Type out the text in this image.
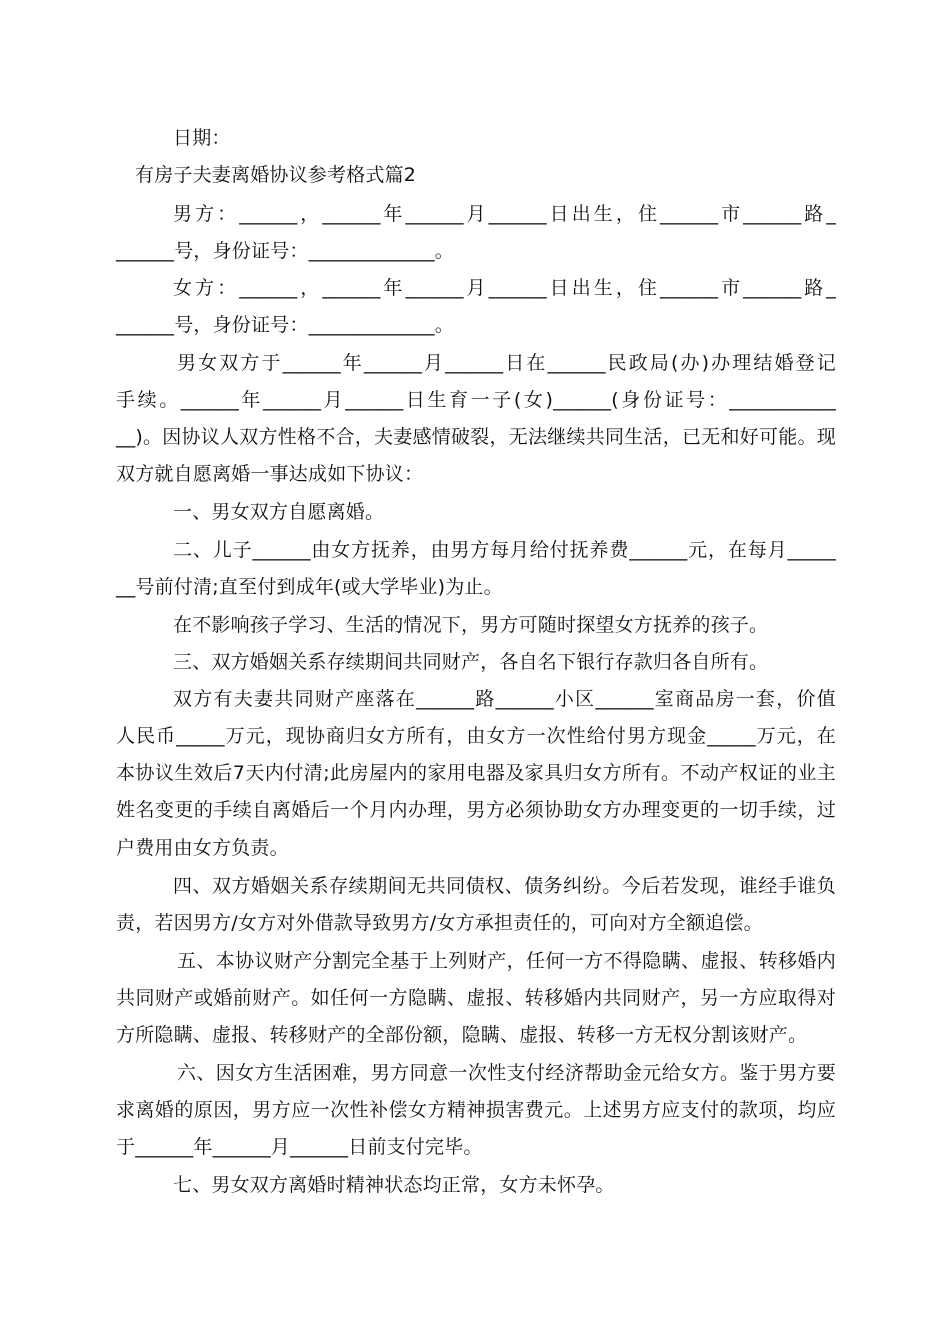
日期：
有房子夫妻离婚协议参考格式篇2
男方：______，______年______月______日出生，住______市______路_
______号，身份证号：_____________。
女方：______，______年______月______日出生，住______市______路_
______号，身份证号：_____________。
男女双方于______年______月______日在______民政局(办)办理结婚登记
手续。______年______月______日生育一子(女)______(身份证号：___________
__)。因协议人双方性格不合，夫妻感情破裂，无法继续共同生活，已无和好可能。现
双方就自愿离婚一事达成如下协议：
一、男女双方自愿离婚。
二、儿子______由女方抚养，由男方每月给付抚养费______元，在每月_____
__号前付清;直至付到成年(或大学毕业)为止。
在不影响孩子学习、生活的情况下，男方可随时探望女方抚养的孩子。
三、双方婚姻关系存续期间共同财产，各自名下银行存款归各自所有。
双方有夫妻共同财产座落在______路______小区______室商品房一套，价值
人民币_____万元，现协商归女方所有，由女方一次性给付男方现金_____万元，在
本协议生效后7天内付清;此房屋内的家用电器及家具归女方所有。不动产权证的业主
姓名变更的手续自离婚后一个月内办理，男方必须协助女方办理变更的一切手续，过
户费用由女方负责。
四、双方婚姻关系存续期间无共同债权、债务纠纷。今后若发现，谁经手谁负
责，若因男方/女方对外借款导致男方/女方承担责任的，可向对方全额追偿。
五、本协议财产分割完全基于上列财产，任何一方不得隐瞒、虚报、转移婚内
共同财产或婚前财产。如任何一方隐瞒、虚报、转移婚内共同财产，另一方应取得对
方所隐瞒、虚报、转移财产的全部份额，隐瞒、虚报、转移一方无权分割该财产。
六、因女方生活困难，男方同意一次性支付经济帮助金元给女方。鉴于男方要
求离婚的原因，男方应一次性补偿女方精神损害费元。上述男方应支付的款项，均应
于______年______月______日前支付完毕。
七、男女双方离婚时精神状态均正常，女方未怀孕。
